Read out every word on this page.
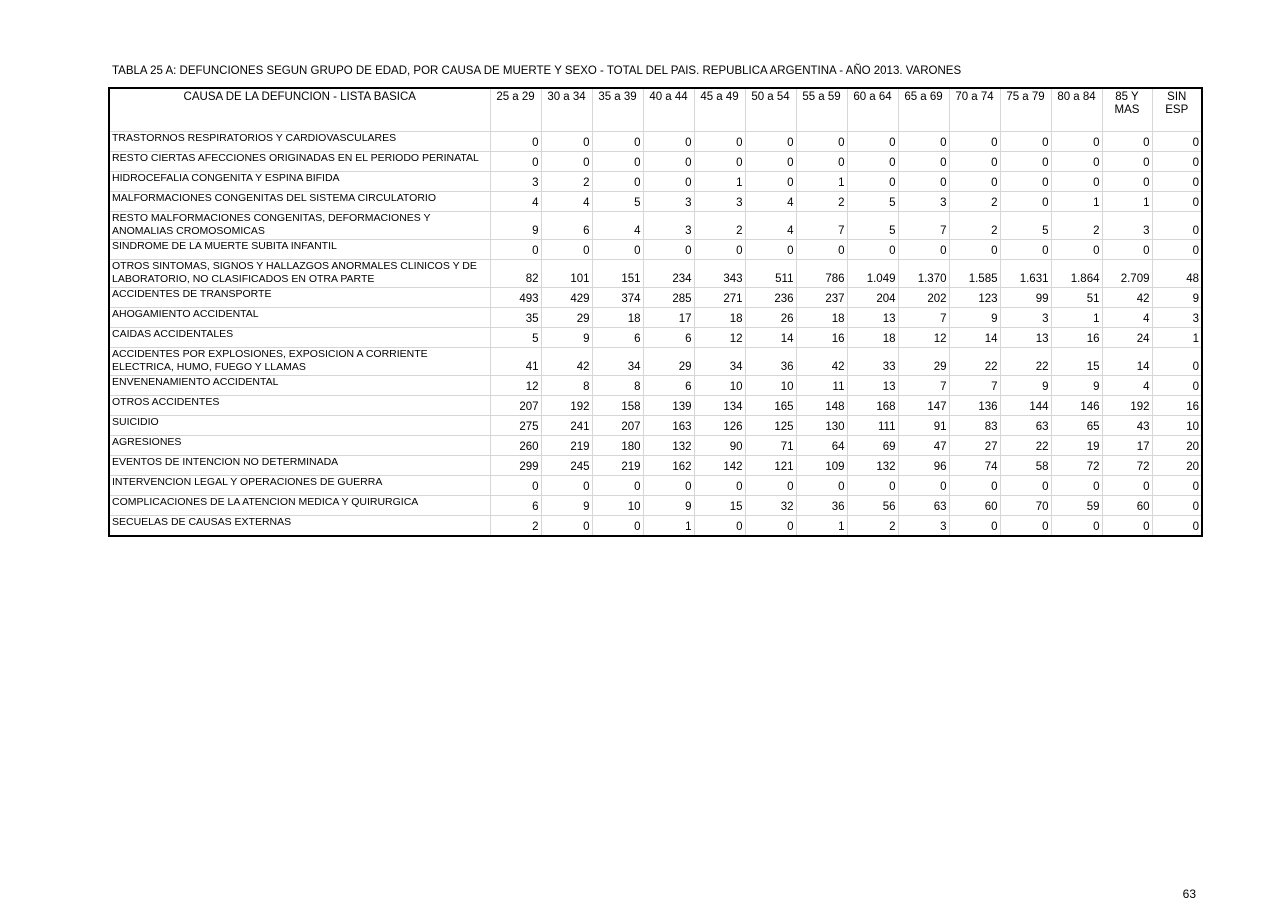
TABLA 25 A: DEFUNCIONES SEGUN GRUPO DE EDAD, POR CAUSA DE MUERTE Y SEXO - TOTAL DEL PAIS. REPUBLICA ARGENTINA - AÑO 2013. VARONES
CAUSA DE LA DEFUNCION - LISTA BASICA	25 a 29	30 a 34	35 a 39	40 a 44	45 a 49	50 a 54	55 a 59	60 a 64	65 a 69	70 a 74	75 a 79	80 a 84	85 Y MAS	SIN ESP
TRASTORNOS RESPIRATORIOS Y CARDIOVASCULARES	0	0	0	0	0	0	0	0	0	0	0	0	0	0
RESTO CIERTAS AFECCIONES ORIGINADAS EN EL PERIODO PERINATAL	0	0	0	0	0	0	0	0	0	0	0	0	0	0
HIDROCEFALIA CONGENITA Y ESPINA BIFIDA	3	2	0	0	1	0	1	0	0	0	0	0	0	0
MALFORMACIONES CONGENITAS DEL SISTEMA CIRCULATORIO	4	4	5	3	3	4	2	5	3	2	0	1	1	0
RESTO MALFORMACIONES CONGENITAS, DEFORMACIONES Y
ANOMALIAS CROMOSOMICAS	9	6	4	3	2	4	7	5	7	2	5	2	3	0
SINDROME DE LA MUERTE SUBITA INFANTIL	0	0	0	0	0	0	0	0	0	0	0	0	0	0
OTROS SINTOMAS, SIGNOS Y HALLAZGOS ANORMALES CLINICOS Y DE
LABORATORIO, NO CLASIFICADOS EN OTRA PARTE	82	101	151	234	343	511	786	1.049	1.370	1.585	1.631	1.864	2.709	48
ACCIDENTES DE TRANSPORTE	493	429	374	285	271	236	237	204	202	123	99	51	42	9
AHOGAMIENTO ACCIDENTAL	35	29	18	17	18	26	18	13	7	9	3	1	4	3
CAIDAS ACCIDENTALES	5	9	6	6	12	14	16	18	12	14	13	16	24	1
ACCIDENTES POR EXPLOSIONES, EXPOSICION A CORRIENTE
ELECTRICA, HUMO, FUEGO Y LLAMAS	41	42	34	29	34	36	42	33	29	22	22	15	14	0
ENVENENAMIENTO ACCIDENTAL	12	8	8	6	10	10	11	13	7	7	9	9	4	0
OTROS ACCIDENTES	207	192	158	139	134	165	148	168	147	136	144	146	192	16
SUICIDIO	275	241	207	163	126	125	130	111	91	83	63	65	43	10
AGRESIONES	260	219	180	132	90	71	64	69	47	27	22	19	17	20
EVENTOS DE INTENCION NO DETERMINADA	299	245	219	162	142	121	109	132	96	74	58	72	72	20
INTERVENCION LEGAL Y OPERACIONES DE GUERRA	0	0	0	0	0	0	0	0	0	0	0	0	0	0
COMPLICACIONES DE LA ATENCION MEDICA Y QUIRURGICA	6	9	10	9	15	32	36	56	63	60	70	59	60	0
SECUELAS DE CAUSAS EXTERNAS	2	0	0	1	0	0	1	2	3	0	0	0	0	0
63
